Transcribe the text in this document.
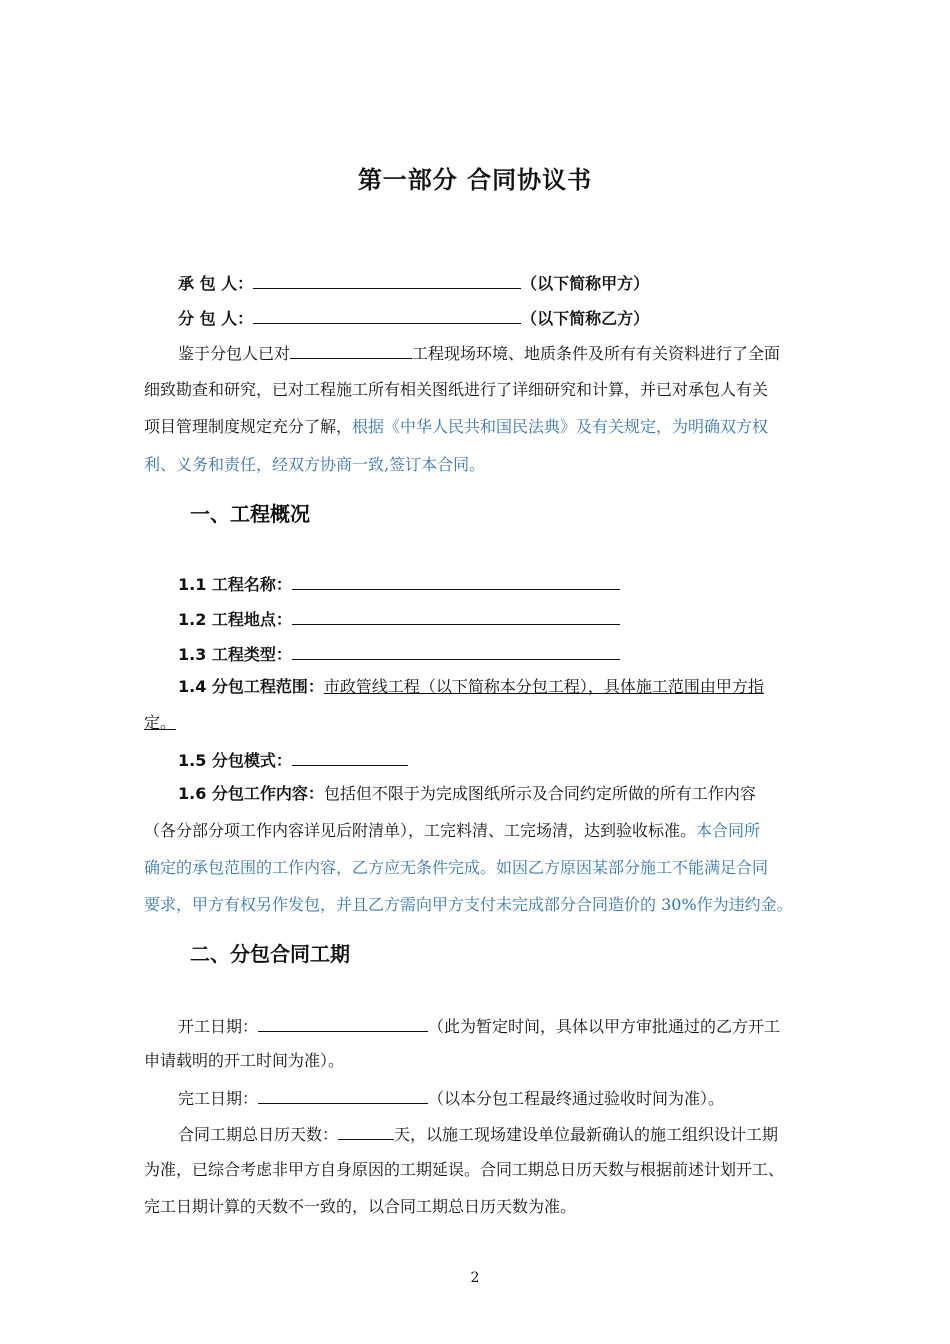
第一部分 合同协议书
承 包 人：	（以下简称甲方）
分 包 人：	（以下简称乙方）
鉴于分包人已对	工程现场环境、地质条件及所有有关资料进行了全面
细致勘查和研究，已对工程施工所有相关图纸进行了详细研究和计算，并已对承包人有关
项目管理制度规定充分了解，根据《中华人民共和国民法典》及有关规定，为明确双方权
利、义务和责任，经双方协商一致,签订本合同。
一、工程概况
1.1 工程名称：
1.2 工程地点：
1.3 工程类型：
1.4 分包工程范围：市政管线工程（以下简称本分包工程），具体施工范围由甲方指
定。
1.5 分包模式：
1.6 分包工作内容：包括但不限于为完成图纸所示及合同约定所做的所有工作内容
（各分部分项工作内容详见后附清单），工完料清、工完场清，达到验收标准。本合同所
确定的承包范围的工作内容，乙方应无条件完成。如因乙方原因某部分施工不能满足合同
要求，甲方有权另作发包，并且乙方需向甲方支付未完成部分合同造价的 30%作为违约金。
二、分包合同工期
开工日期：	（此为暂定时间，具体以甲方审批通过的乙方开工
申请载明的开工时间为准）。
完工日期：	（以本分包工程最终通过验收时间为准）。
合同工期总日历天数：	天，以施工现场建设单位最新确认的施工组织设计工期
为准，已综合考虑非甲方自身原因的工期延误。合同工期总日历天数与根据前述计划开工、
完工日期计算的天数不一致的，以合同工期总日历天数为准。
2
